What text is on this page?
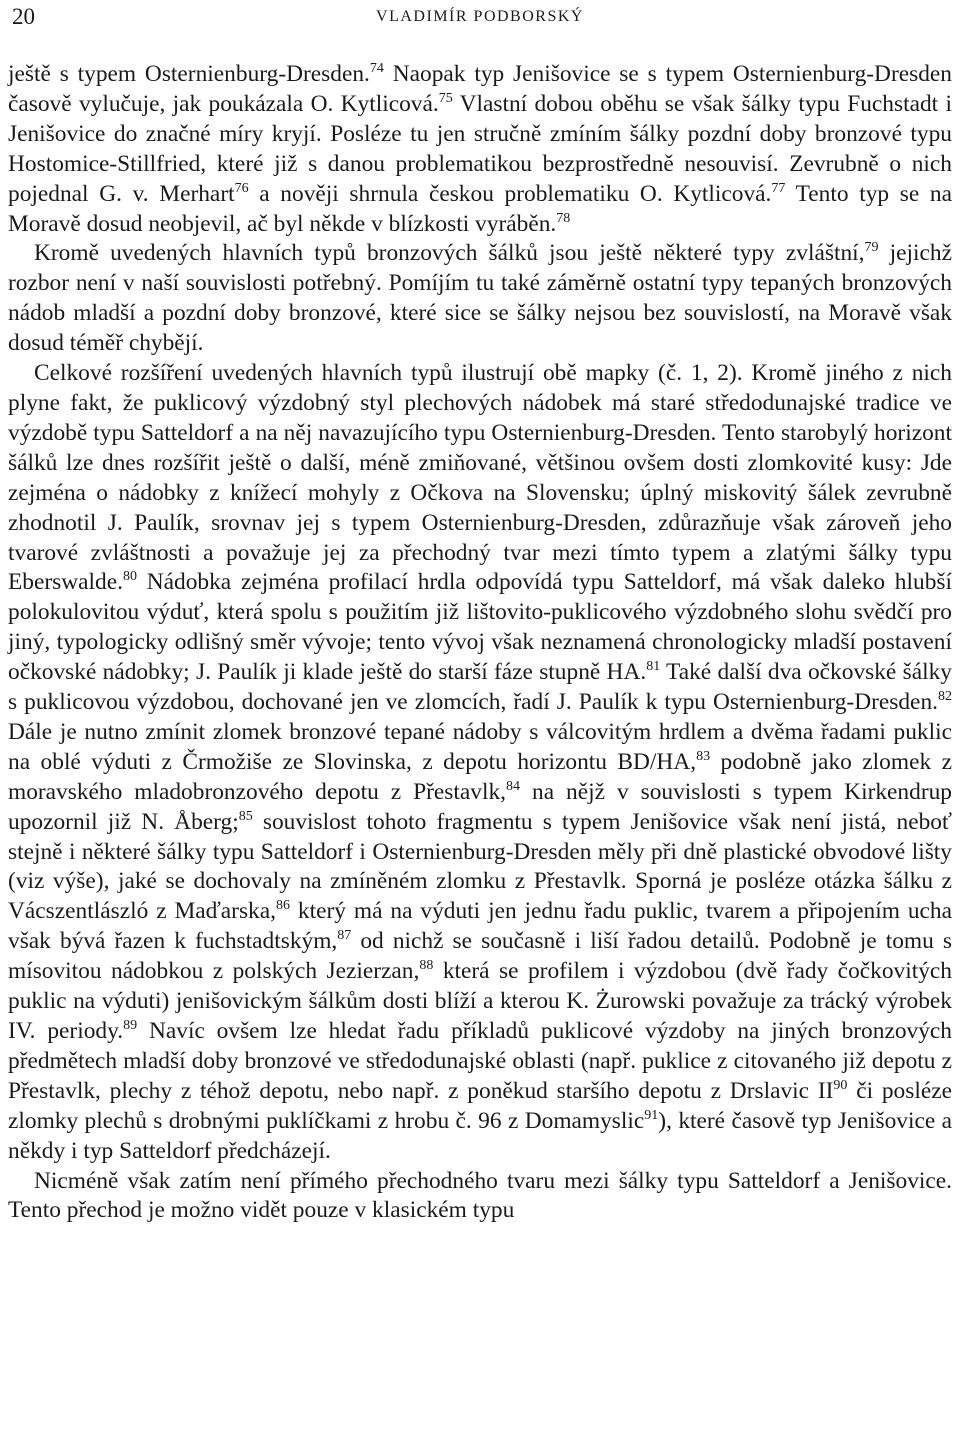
20	VLADIMÍR PODBORSKÝ

ještě s typem Osternienburg-Dresden.$^{74}$ Naopak typ Jenišovice se s typem Osternienburg-Dresden časově vylučuje, jak poukázala O. Kytlicová.$^{75}$ Vlastní dobou oběhu se však šálky typu Fuchstadt i Jenišovice do značné míry kryjí. Posléze tu jen stručně zmíním šálky pozdní doby bronzové typu Hostomice-Stillfried, které již s danou problematikou bezprostředně nesouvisí. Zevrubně o nich pojednal G. v. Merhart$^{76}$ a nověji shrnula českou problematiku O. Kytlicová.$^{77}$ Tento typ se na Moravě dosud neobjevil, ač byl někde v blízkosti vyráběn.$^{78}$

Kromě uvedených hlavních typů bronzových šálků jsou ještě některé typy zvláštní,$^{79}$ jejichž rozbor není v naší souvislosti potřebný. Pomíjím tu také záměrně ostatní typy tepaných bronzových nádob mladší a pozdní doby bronzové, které sice se šálky nejsou bez souvislostí, na Moravě však dosud téměř chybějí.

Celkové rozšíření uvedených hlavních typů ilustrují obě mapky (č. 1, 2). Kromě jiného z nich plyne fakt, že puklicový výzdobný styl plechových nádobek má staré středodunajské tradice ve výzdobě typu Satteldorf a na něj navazujícího typu Osternienburg-Dresden. Tento starobylý horizont šálků lze dnes rozšířit ještě o další, méně zmiňované, většinou ovšem dosti zlomkovité kusy: Jde zejména o nádobky z knížecí mohyly z Očkova na Slovensku; úplný miskovitý šálek zevrubně zhodnotil J. Paulík, srovnav jej s typem Osternienburg-Dresden, zdůrazňuje však zároveň jeho tvarové zvláštnosti a považuje jej za přechodný tvar mezi tímto typem a zlatými šálky typu Eberswalde.$^{80}$ Nádobka zejména profilací hrdla odpovídá typu Satteldorf, má však daleko hlubší polokulovitou výduť, která spolu s použitím již lištovito-puklicového výzdobného slohu svědčí pro jiný, typologicky odlišný směr vývoje; tento vývoj však neznamená chronologicky mladší postavení očkovské nádobky; J. Paulík ji klade ještě do starší fáze stupně HA.$^{81}$ Také další dva očkovské šálky s puklicovou výzdobou, dochované jen ve zlomcích, řadí J. Paulík k typu Osternienburg-Dresden.$^{82}$ Dále je nutno zmínit zlomek bronzové tepané nádoby s válcovitým hrdlem a dvěma řadami puklic na oblé výduti z Črmožiše ze Slovinska, z depotu horizontu BD/HA,$^{83}$ podobně jako zlomek z moravského mladobronzového depotu z Přestavlk,$^{84}$ na nějž v souvislosti s typem Kirkendrup upozornil již N. Åberg;$^{85}$ souvislost tohoto fragmentu s typem Jenišovice však není jistá, neboť stejně i některé šálky typu Satteldorf i Osternienburg-Dresden měly při dně plastické obvodové lišty (viz výše), jaké se dochovaly na zmíněném zlomku z Přestavlk. Sporná je posléze otázka šálku z Vácszentlászló z Maďarska,$^{86}$ který má na výduti jen jednu řadu puklic, tvarem a připojením ucha však bývá řazen k fuchstadtským,$^{87}$ od nichž se současně i liší řadou detailů. Podobně je tomu s mísovitou nádobkou z polských Jezierzan,$^{88}$ která se profilem i výzdobou (dvě řady čočkovitých puklic na výduti) jenišovickým šálkům dosti blíží a kterou K. Żurowski považuje za trácký výrobek IV. periody.$^{89}$ Navíc ovšem lze hledat řadu příkladů puklicové výzdoby na jiných bronzových předmětech mladší doby bronzové ve středodunajské oblasti (např. puklice z citovaného již depotu z Přestavlk, plechy z téhož depotu, nebo např. z poněkud staršího depotu z Drslavic II$^{90}$ či posléze zlomky plechů s drobnými puklíčkami z hrobu č. 96 z Domamyslic$^{91}$), které časově typ Jenišovice a někdy i typ Satteldorf předcházejí.

Nicméně však zatím není přímého přechodného tvaru mezi šálky typu Satteldorf a Jenišovice. Tento přechod je možno vidět pouze v klasickém typu
